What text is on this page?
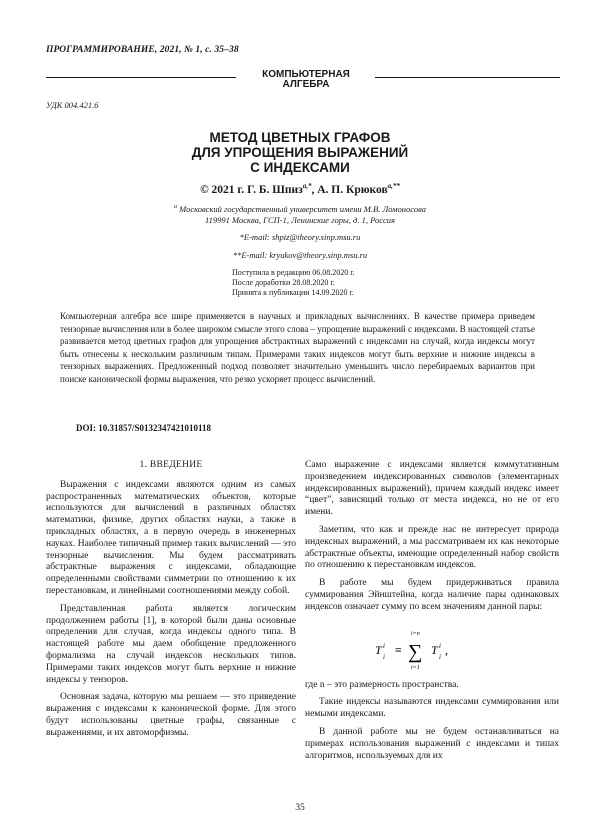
ПРОГРАММИРОВАНИЕ, 2021, № 1, с. 35–38
КОМПЬЮТЕРНАЯ
АЛГЕБРА
УДК 004.421.6
МЕТОД ЦВЕТНЫХ ГРАФОВ
ДЛЯ УПРОЩЕНИЯ ВЫРАЖЕНИЙ
С ИНДЕКСАМИ
© 2021 г. Г. Б. Шпиз$^{а,*}$, А. П. Крюков$^{а,**}$
$^а$ Московский государственный университет имени М.В. Ломоносова
119991 Москва, ГСП-1, Ленинские горы, д. 1, Россия
*E-mail: shpiz@theory.sinp.msu.ru
**E-mail: kryukov@theory.sinp.msu.ru
Поступила в редакцию 06.08.2020 г.
После доработки 28.08.2020 г.
Принята к публикации 14.09.2020 г.
Компьютерная алгебра все шире применяется в научных и прикладных вычислениях. В качестве примера приведем тензорные вычисления или в более широком смысле этого слова – упрощение выражений с индексами. В настоящей статье развивается метод цветных графов для упрощения абстрактных выражений с индексами на случай, когда индексы могут быть отнесены к нескольким различным типам. Примерами таких индексов могут быть верхние и нижние индексы в тензорных выражениях. Предложенный подход позволяет значительно уменьшить число перебираемых вариантов при поиске канонической формы выражения, что резко ускоряет процесс вычислений.
DOI: 10.31857/S0132347421010118
1. ВВЕДЕНИЕ

Выражения с индексами являются одним из самых распространенных математических объектов, которые используются для вычислений в различных областях математики, физике, других областях науки, а также в прикладных областях, а в первую очередь в инженерных науках. Наиболее типичный пример таких вычислений — это тензорные вычисления. Мы будем рассматривать абстрактные выражения с индексами, обладающие определенными свойствами симметрии по отношению к их перестановкам, и линейными соотношениями между собой.

Представленная работа является логическим продолжением работы [1], в которой были даны основные определения для случая, когда индексы одного типа. В настоящей работе мы даем обобщение предложенного формализма на случай индексов нескольких типов. Примерами таких индексов могут быть верхние и нижние индексы у тензоров.

Основная задача, которую мы решаем — это приведение выражения с индексами к канонической форме. Для этого будут использованы цветные графы, связанные с выражениями, и их автоморфизмы.

Само выражение с индексами является коммутативным произведением индексированных символов (элементарных индексированных выражений), причем каждый индекс имеет “цвет”, зависящий только от места индекса, но не от его имени.

Заметим, что как и прежде нас не интересует природа индексных выражений, а мы рассматриваем их как некоторые абстрактные объекты, имеющие определенный набор свойств по отношению к перестановкам индексов.

В работе мы будем придерживаться правила суммирования Эйнштейна, когда наличие пары одинаковых индексов означает сумму по всем значениям данной пары:

T i
i ≡
i=n
∑
i=1
T i
i ,

где n – это размерность пространства.

Такие индексы называются индексами суммирования или немыми индексами.

В данной работе мы не будем останавливаться на примерах использования выражений с индексами и типах алгоритмов, используемых для их

35
